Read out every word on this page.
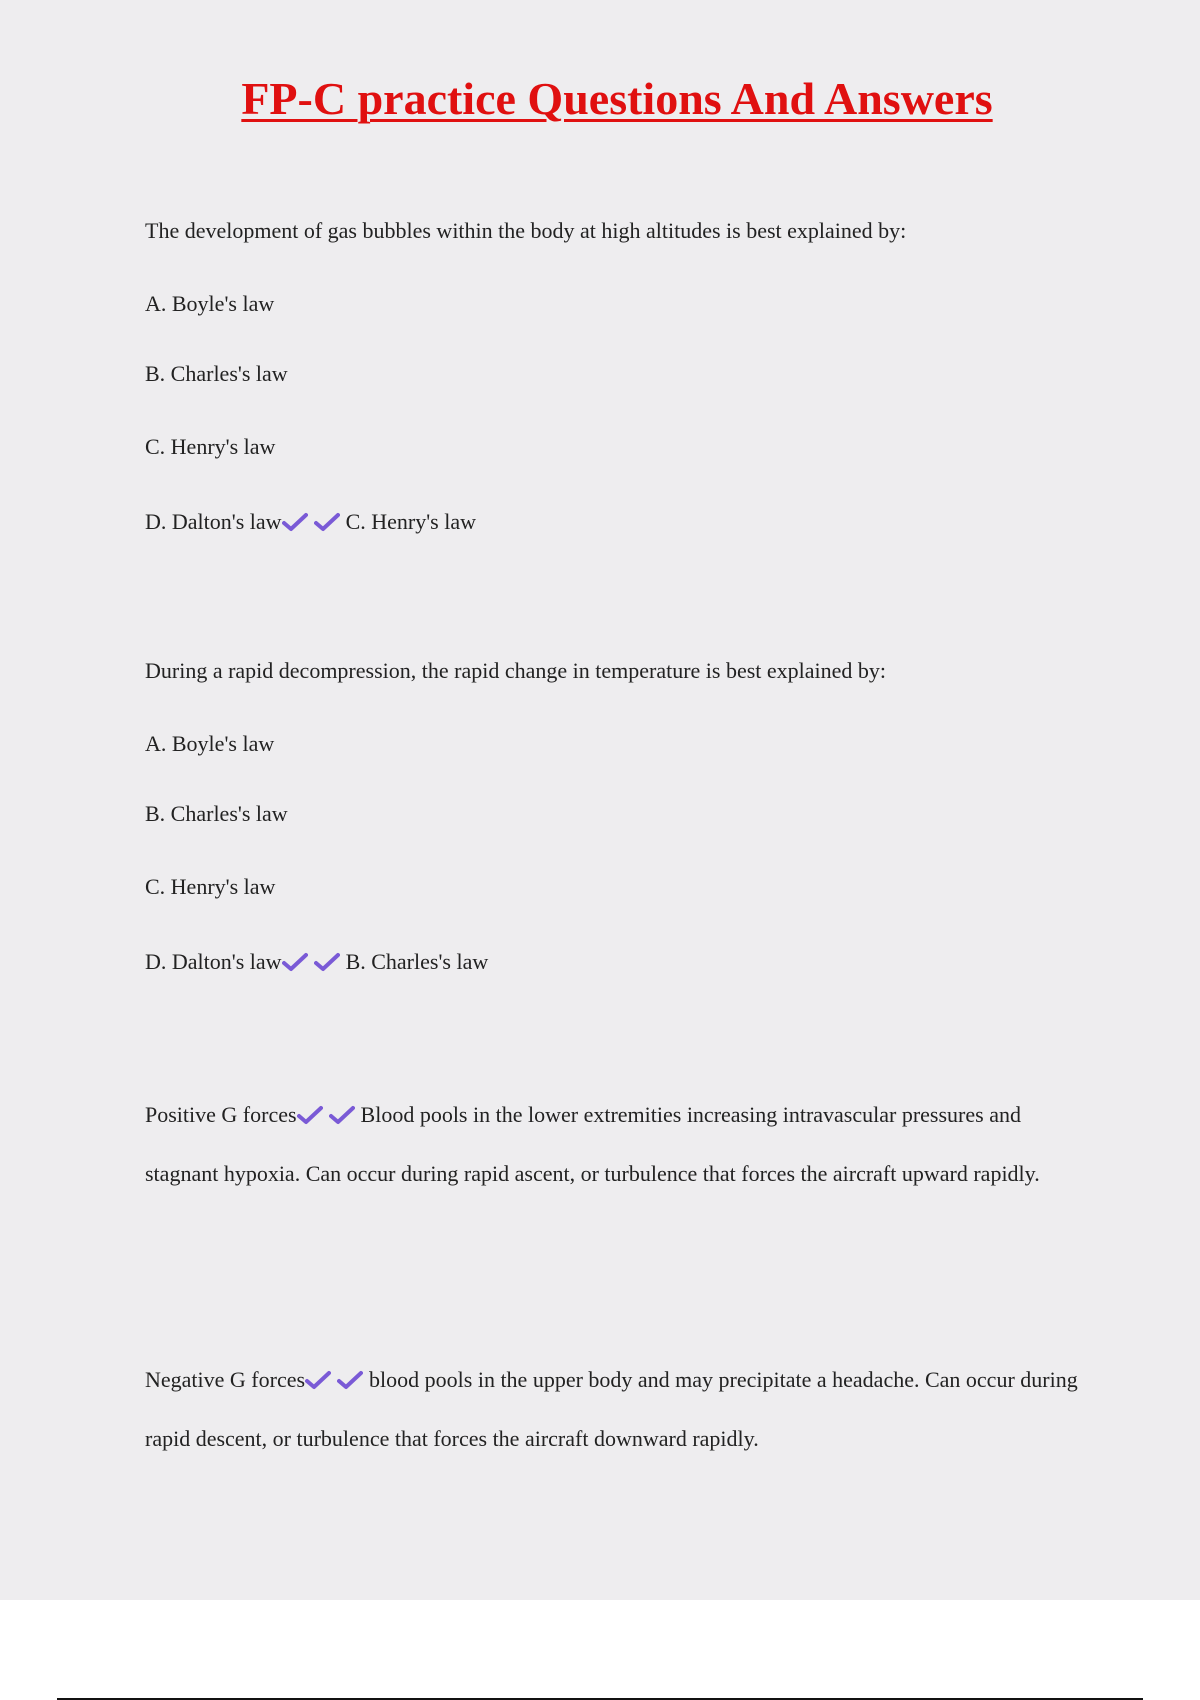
FP-C practice Questions And Answers

The development of gas bubbles within the body at high altitudes is best explained by:

A. Boyle's law

B. Charles's law

C. Henry's law

D. Dalton's law	C. Henry's law

During a rapid decompression, the rapid change in temperature is best explained by:

A. Boyle's law

B. Charles's law

C. Henry's law

D. Dalton's law	B. Charles's law

Positive G forces	Blood pools in the lower extremities increasing intravascular pressures and stagnant hypoxia. Can occur during rapid ascent, or turbulence that forces the aircraft upward rapidly.

Negative G forces	blood pools in the upper body and may precipitate a headache. Can occur during rapid descent, or turbulence that forces the aircraft downward rapidly.
